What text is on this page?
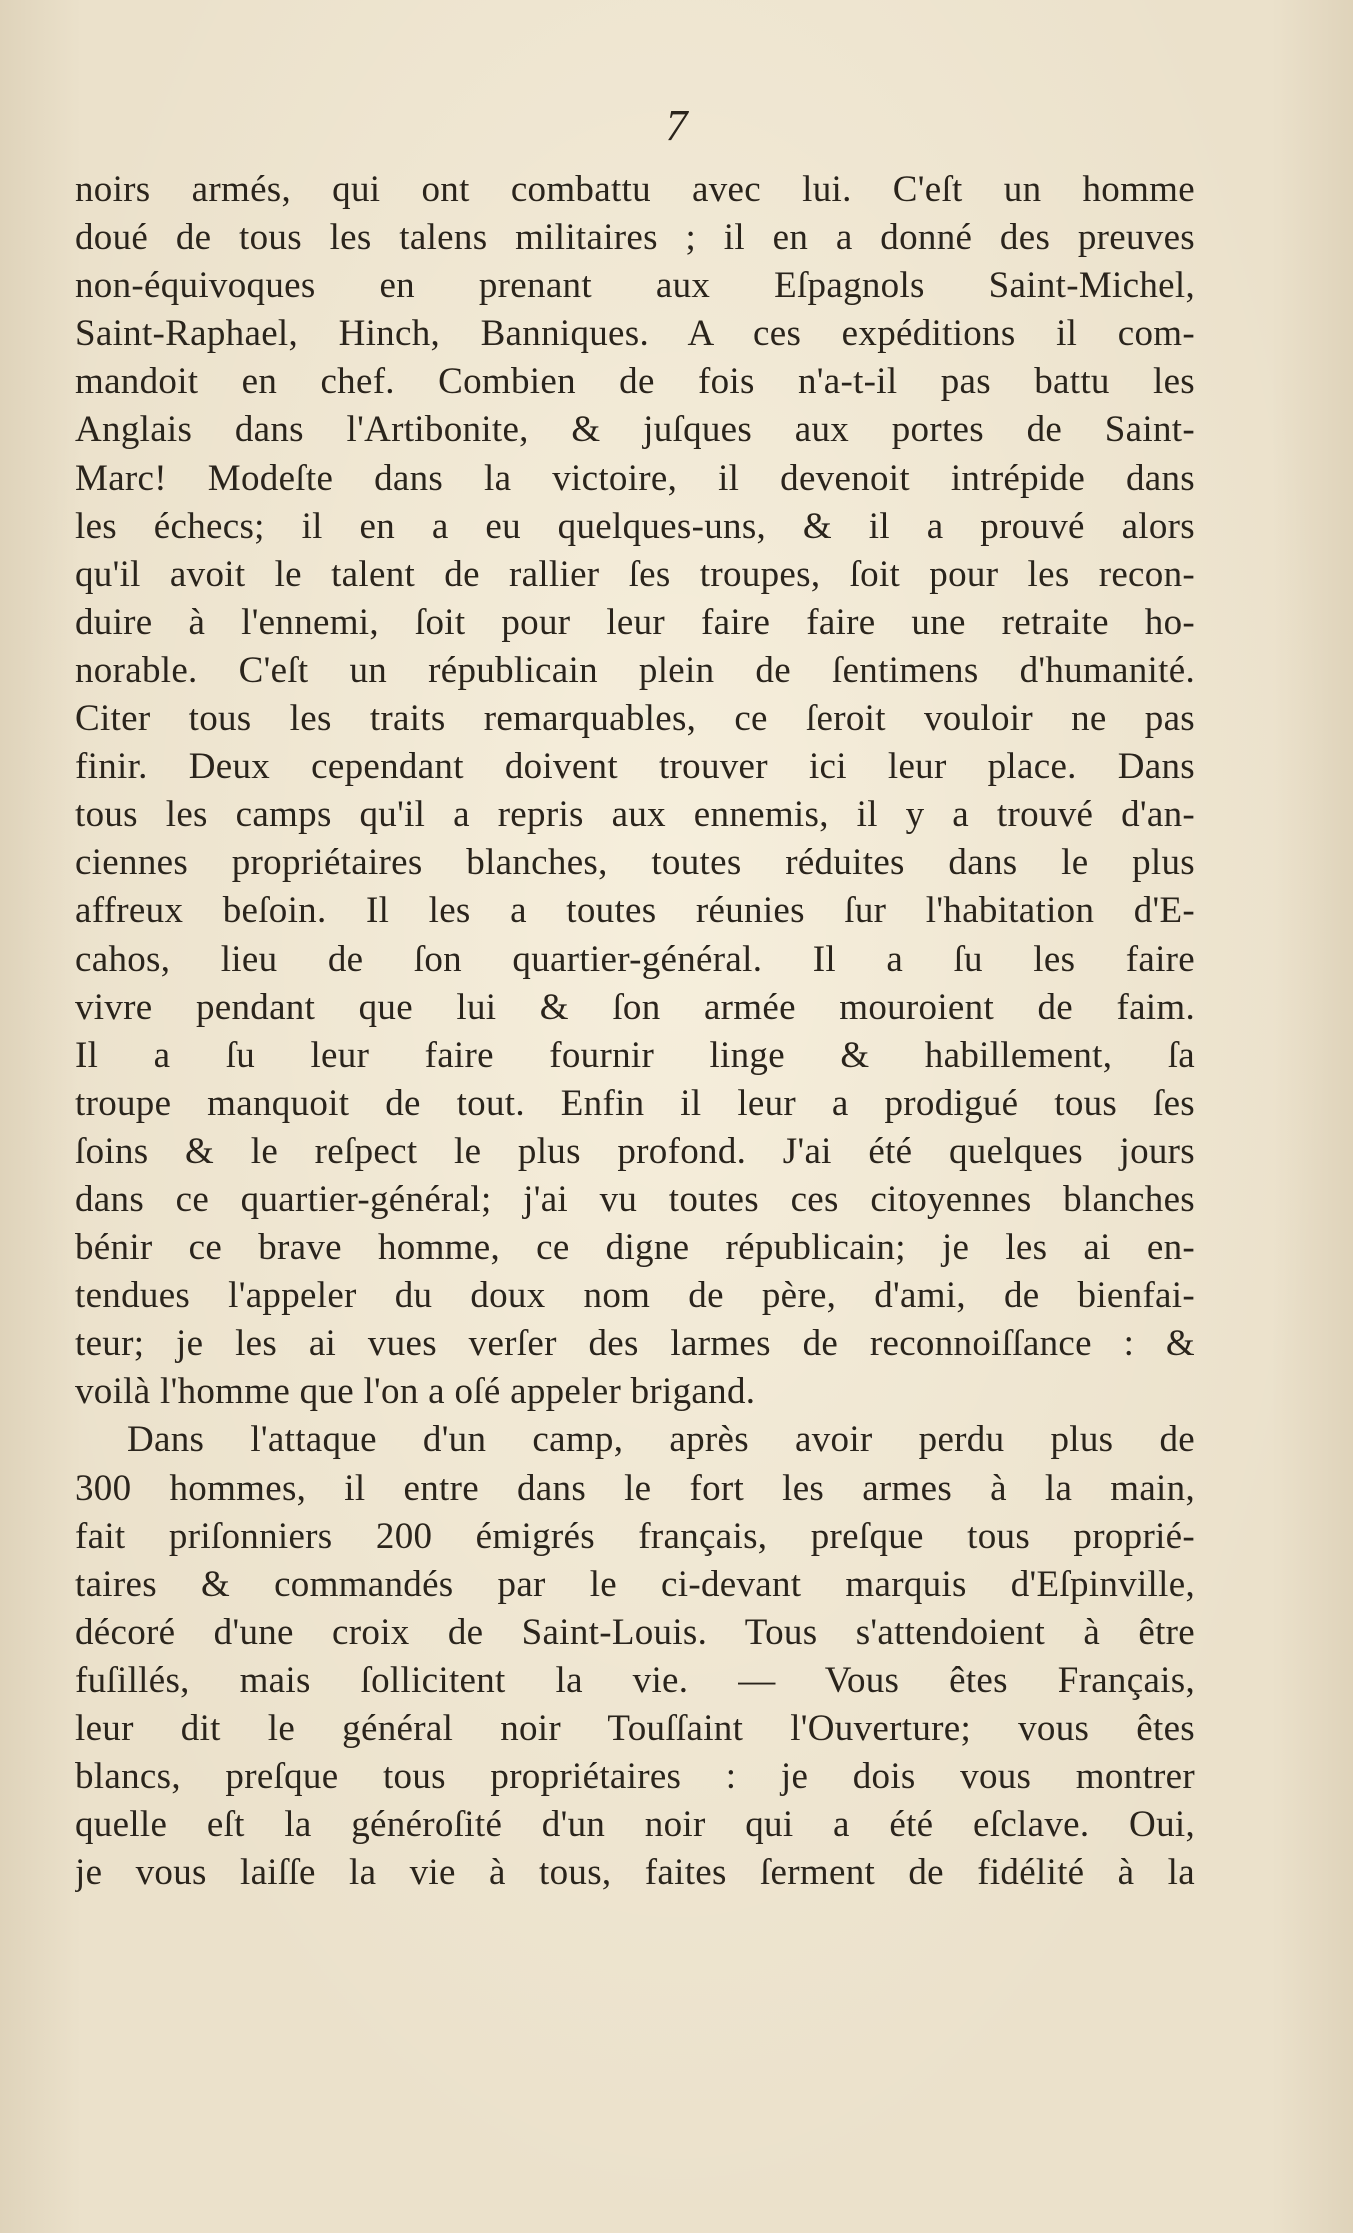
7
noirs armés, qui ont combattu avec lui. C'eſt un homme
doué de tous les talens militaires ; il en a donné des preuves
non-équivoques en prenant aux Eſpagnols Saint-Michel,
Saint-Raphael, Hinch, Banniques. A ces expéditions il com-
mandoit en chef. Combien de fois n'a-t-il pas battu les
Anglais dans l'Artibonite, & juſques aux portes de Saint-
Marc! Modeſte dans la victoire, il devenoit intrépide dans
les échecs; il en a eu quelques-uns, & il a prouvé alors
qu'il avoit le talent de rallier ſes troupes, ſoit pour les recon-
duire à l'ennemi, ſoit pour leur faire faire une retraite ho-
norable. C'eſt un républicain plein de ſentimens d'humanité.
Citer tous les traits remarquables, ce ſeroit vouloir ne pas
finir. Deux cependant doivent trouver ici leur place. Dans
tous les camps qu'il a repris aux ennemis, il y a trouvé d'an-
ciennes propriétaires blanches, toutes réduites dans le plus
affreux beſoin. Il les a toutes réunies ſur l'habitation d'E-
cahos, lieu de ſon quartier-général. Il a ſu les faire
vivre pendant que lui & ſon armée mouroient de faim.
Il a ſu leur faire fournir linge & habillement, ſa
troupe manquoit de tout. Enfin il leur a prodigué tous ſes
ſoins & le reſpect le plus profond. J'ai été quelques jours
dans ce quartier-général; j'ai vu toutes ces citoyennes blanches
bénir ce brave homme, ce digne républicain; je les ai en-
tendues l'appeler du doux nom de père, d'ami, de bienfai-
teur; je les ai vues verſer des larmes de reconnoiſſance : &
voilà l'homme que l'on a oſé appeler brigand.
Dans l'attaque d'un camp, après avoir perdu plus de
300 hommes, il entre dans le fort les armes à la main,
fait priſonniers 200 émigrés français, preſque tous proprié-
taires & commandés par le ci-devant marquis d'Eſpinville,
décoré d'une croix de Saint-Louis. Tous s'attendoient à être
fuſillés, mais ſollicitent la vie. — Vous êtes Français,
leur dit le général noir Touſſaint l'Ouverture; vous êtes
blancs, preſque tous propriétaires : je dois vous montrer
quelle eſt la généroſité d'un noir qui a été eſclave. Oui,
je vous laiſſe la vie à tous, faites ſerment de fidélité à la
